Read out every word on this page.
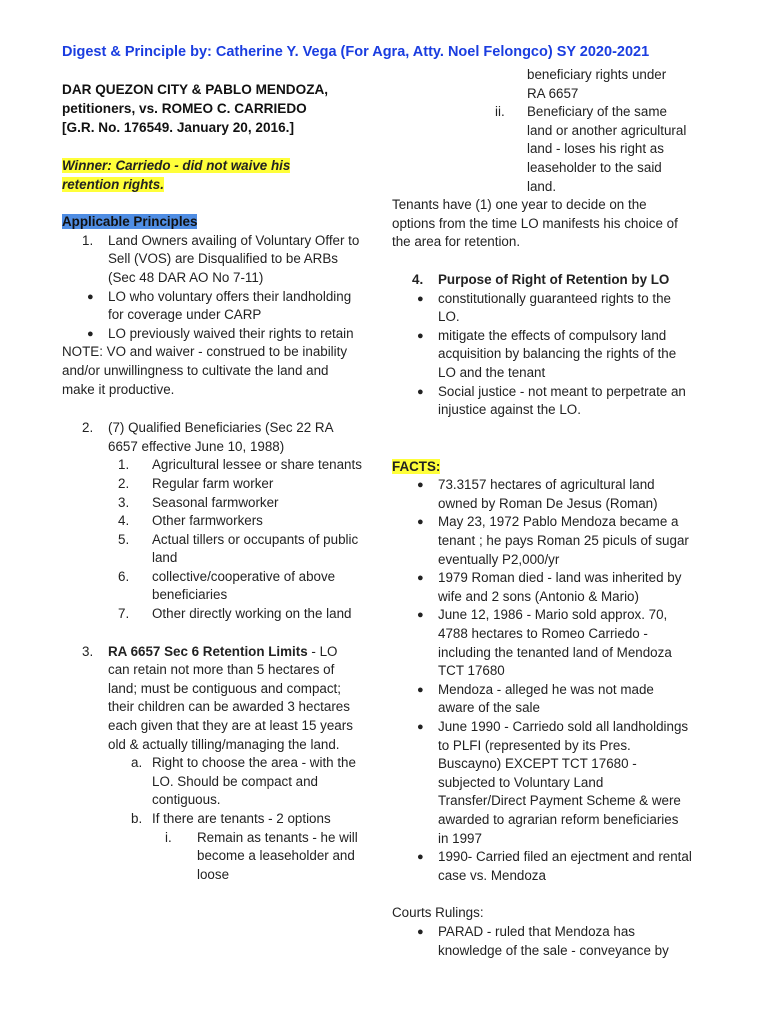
Digest & Principle by: Catherine Y. Vega (For Agra, Atty. Noel Felongco) SY 2020-2021

DAR QUEZON CITY & PABLO MENDOZA,

petitioners, vs. ROMEO C. CARRIEDO

[G.R. No. 176549. January 20, 2016.]

Winner: Carriedo - did not waive his

retention rights.

Applicable Principles

1. Land Owners availing of Voluntary Offer to Sell (VOS) are Disqualified to be ARBs (Sec 48 DAR AO No 7-11)
● LO who voluntary offers their landholding for coverage under CARP
● LO previously waived their rights to retain

NOTE: VO and waiver - construed to be inability and/or unwillingness to cultivate the land and make it productive.

2. (7) Qualified Beneficiaries (Sec 22 RA 6657 effective June 10, 1988)
1. Agricultural lessee or share tenants
2. Regular farm worker
3. Seasonal farmworker
4. Other farmworkers
5. Actual tillers or occupants of public land
6. collective/cooperative of above beneficiaries
7. Other directly working on the land
3. RA 6657 Sec 6 Retention Limits - LO can retain not more than 5 hectares of land; must be contiguous and compact; their children can be awarded 3 hectares each given that they are at least 15 years old & actually tilling/managing the land.
a. Right to choose the area - with the LO. Should be compact and contiguous.
b. If there are tenants - 2 options
i. Remain as tenants - he will become a leaseholder and loose

beneficiary rights under

RA 6657

ii. Beneficiary of the same land or another agricultural land - loses his right as leaseholder to the said land.

Tenants have (1) one year to decide on the options from the time LO manifests his choice of the area for retention.

4. Purpose of Right of Retention by LO
● constitutionally guaranteed rights to the LO.
● mitigate the effects of compulsory land acquisition by balancing the rights of the LO and the tenant
● Social justice - not meant to perpetrate an injustice against the LO.

FACTS:

● 73.3157 hectares of agricultural land owned by Roman De Jesus (Roman)
● May 23, 1972 Pablo Mendoza became a tenant ; he pays Roman 25 piculs of sugar eventually P2,000/yr
● 1979 Roman died - land was inherited by wife and 2 sons (Antonio & Mario)
● June 12, 1986 - Mario sold approx. 70, 4788 hectares to Romeo Carriedo - including the tenanted land of Mendoza TCT 17680
● Mendoza - alleged he was not made aware of the sale
● June 1990 - Carriedo sold all landholdings to PLFI (represented by its Pres. Buscayno) EXCEPT TCT 17680 - subjected to Voluntary Land Transfer/Direct Payment Scheme & were awarded to agrarian reform beneficiaries in 1997
● 1990- Carried filed an ejectment and rental case vs. Mendoza

Courts Rulings:

● PARAD - ruled that Mendoza has knowledge of the sale - conveyance by
